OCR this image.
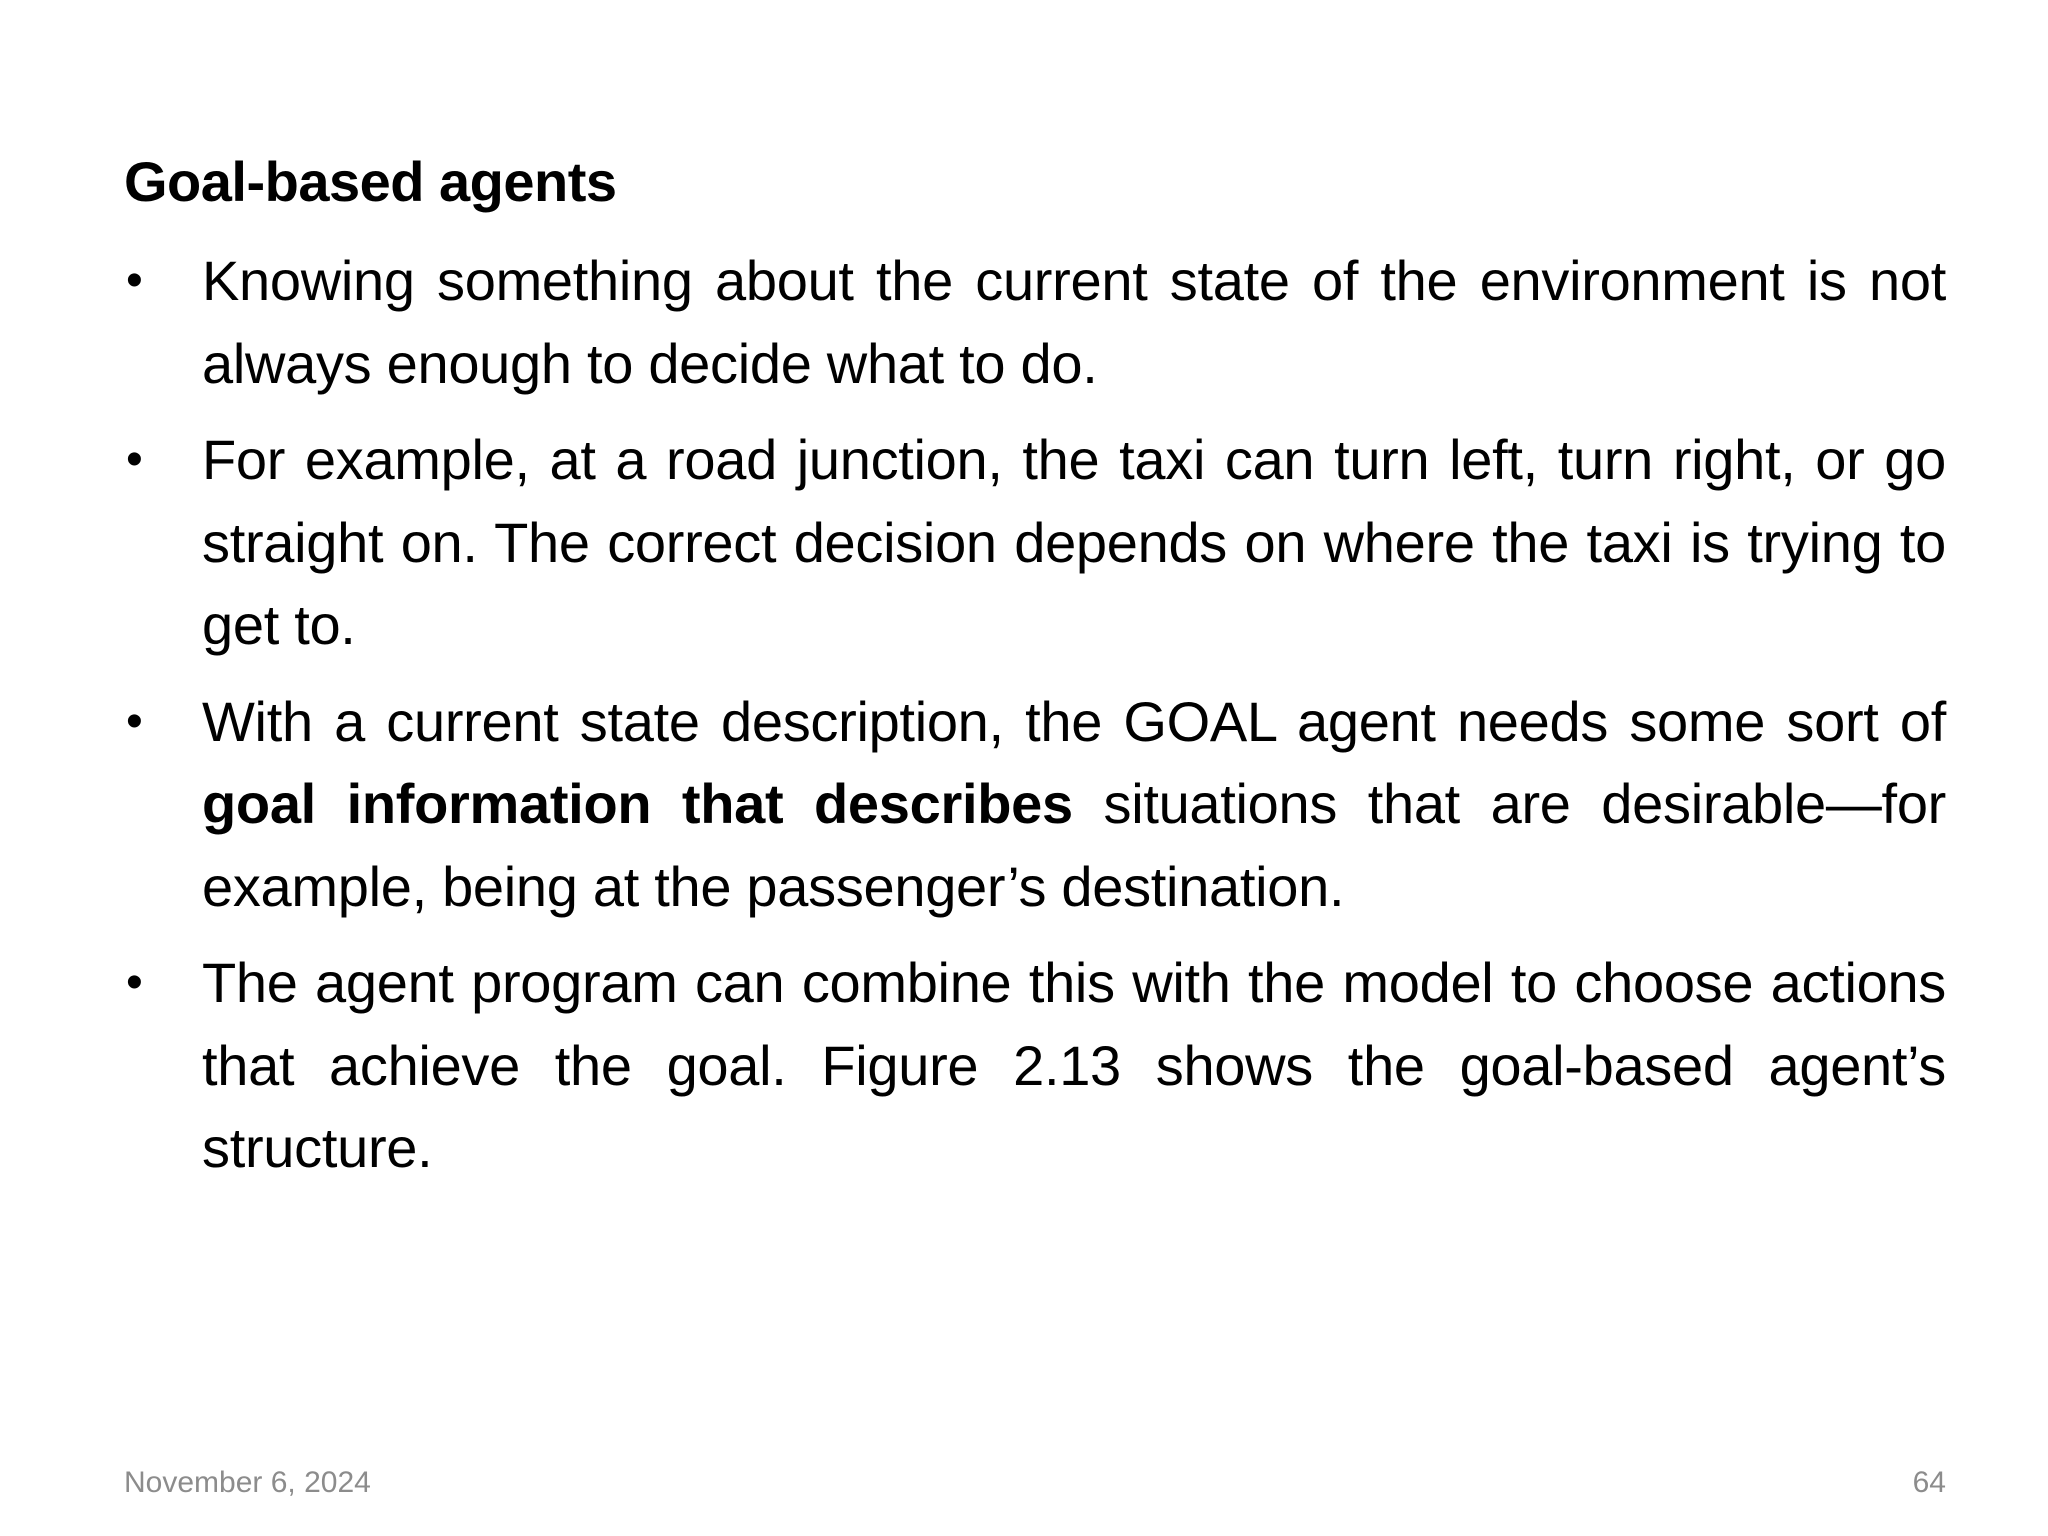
Goal-based agents
• Knowing something about the current state of the environment is not always enough to decide what to do.
• For example, at a road junction, the taxi can turn left, turn right, or go straight on. The correct decision depends on where the taxi is trying to get to.
• With a current state description, the GOAL agent needs some sort of goal information that describes situations that are desirable—for example, being at the passenger’s destination.
• The agent program can combine this with the model to choose actions that achieve the goal. Figure 2.13 shows the goal-based agent’s structure.
November 6, 2024	64
